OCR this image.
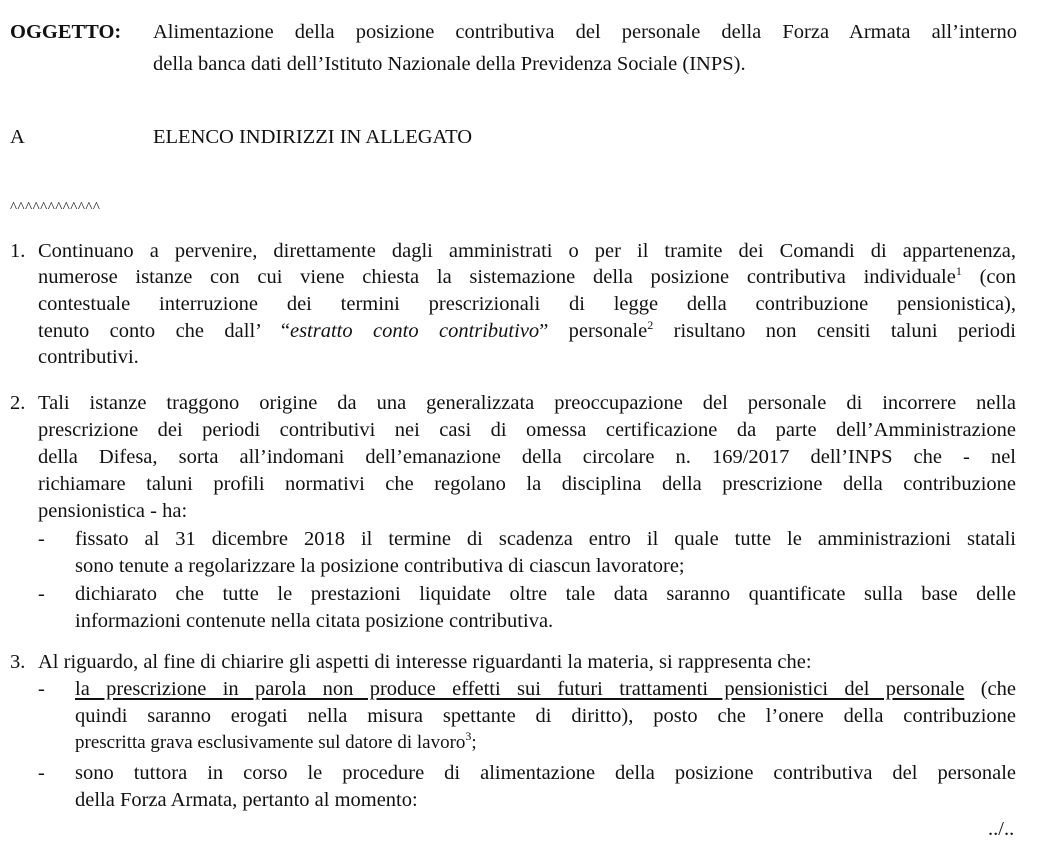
OGGETTO: Alimentazione della posizione contributiva del personale della Forza Armata all’interno
della banca dati dell’Istituto Nazionale della Previdenza Sociale (INPS).
A	ELENCO INDIRIZZI IN ALLEGATO
^^^^^^^^^^^^
1. Continuano a pervenire, direttamente dagli amministrati o per il tramite dei Comandi di appartenenza,
numerose istanze con cui viene chiesta la sistemazione della posizione contributiva individuale$^1$ (con
contestuale interruzione dei termini prescrizionali di legge della contribuzione pensionistica),
tenuto conto che dall’ “estratto conto contributivo” personale$^2$ risultano non censiti taluni periodi
contributivi.
2. Tali istanze traggono origine da una generalizzata preoccupazione del personale di incorrere nella
prescrizione dei periodi contributivi nei casi di omessa certificazione da parte dell’Amministrazione
della Difesa, sorta all’indomani dell’emanazione della circolare n. 169/2017 dell’INPS che - nel
richiamare taluni profili normativi che regolano la disciplina della prescrizione della contribuzione
pensionistica - ha:
- fissato al 31 dicembre 2018 il termine di scadenza entro il quale tutte le amministrazioni statali
sono tenute a regolarizzare la posizione contributiva di ciascun lavoratore;
- dichiarato che tutte le prestazioni liquidate oltre tale data saranno quantificate sulla base delle
informazioni contenute nella citata posizione contributiva.
3. Al riguardo, al fine di chiarire gli aspetti di interesse riguardanti la materia, si rappresenta che:
- la prescrizione in parola non produce effetti sui futuri trattamenti pensionistici del personale (che
quindi saranno erogati nella misura spettante di diritto), posto che l’onere della contribuzione
prescritta grava esclusivamente sul datore di lavoro$^3$;
- sono tuttora in corso le procedure di alimentazione della posizione contributiva del personale
della Forza Armata, pertanto al momento:
../..
